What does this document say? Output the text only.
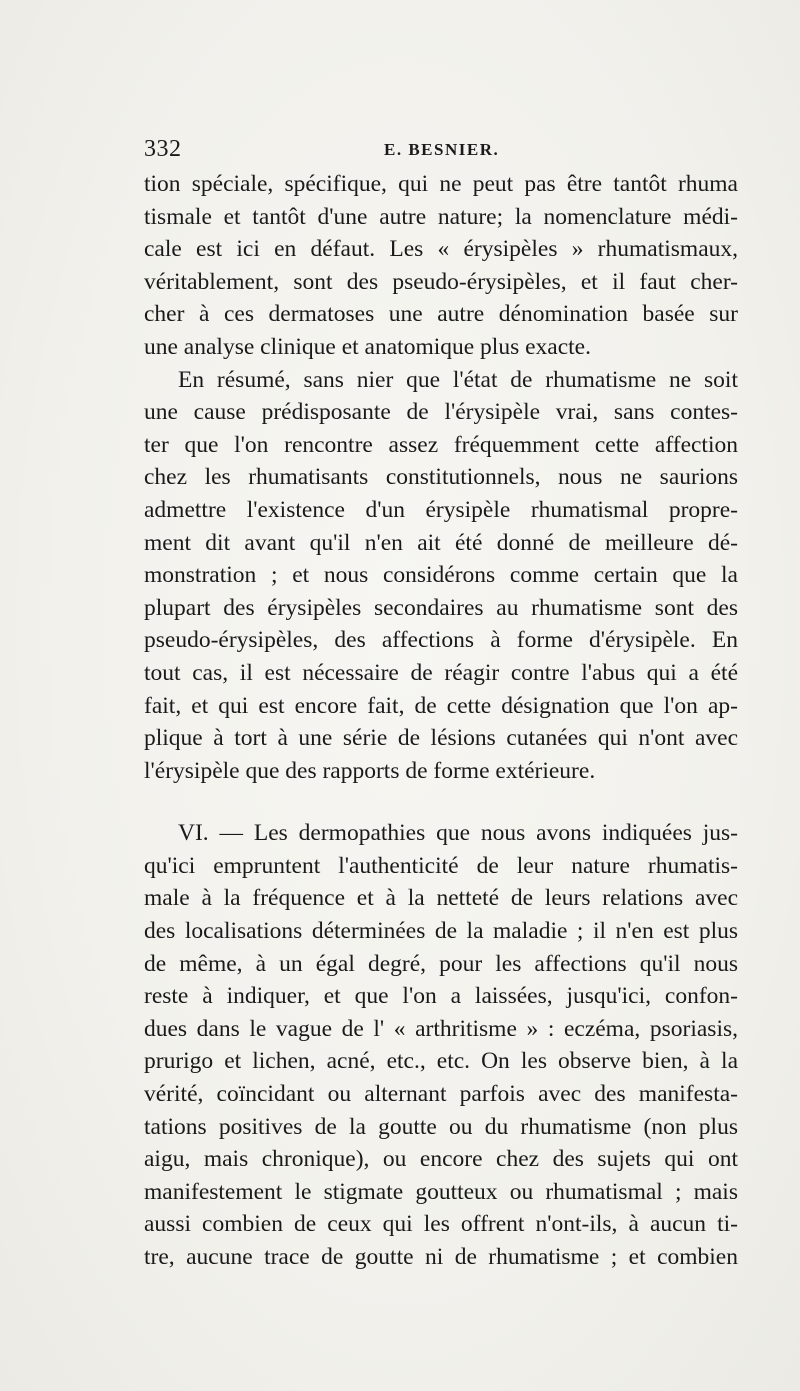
332	E. BESNIER.
tion spéciale, spécifique, qui ne peut pas être tantôt rhuma
tismale et tantôt d'une autre nature; la nomenclature médi-
cale est ici en défaut. Les « érysipèles » rhumatismaux,
véritablement, sont des pseudo-érysipèles, et il faut cher-
cher à ces dermatoses une autre dénomination basée sur
une analyse clinique et anatomique plus exacte.
En résumé, sans nier que l'état de rhumatisme ne soit
une cause prédisposante de l'érysipèle vrai, sans contes-
ter que l'on rencontre assez fréquemment cette affection
chez les rhumatisants constitutionnels, nous ne saurions
admettre l'existence d'un érysipèle rhumatismal propre-
ment dit avant qu'il n'en ait été donné de meilleure dé-
monstration ; et nous considérons comme certain que la
plupart des érysipèles secondaires au rhumatisme sont des
pseudo-érysipèles, des affections à forme d'érysipèle. En
tout cas, il est nécessaire de réagir contre l'abus qui a été
fait, et qui est encore fait, de cette désignation que l'on ap-
plique à tort à une série de lésions cutanées qui n'ont avec
l'érysipèle que des rapports de forme extérieure.
VI. — Les dermopathies que nous avons indiquées jus-
qu'ici empruntent l'authenticité de leur nature rhumatis-
male à la fréquence et à la netteté de leurs relations avec
des localisations déterminées de la maladie ; il n'en est plus
de même, à un égal degré, pour les affections qu'il nous
reste à indiquer, et que l'on a laissées, jusqu'ici, confon-
dues dans le vague de l' « arthritisme » : eczéma, psoriasis,
prurigo et lichen, acné, etc., etc. On les observe bien, à la
vérité, coïncidant ou alternant parfois avec des manifesta-
tations positives de la goutte ou du rhumatisme (non plus
aigu, mais chronique), ou encore chez des sujets qui ont
manifestement le stigmate goutteux ou rhumatismal ; mais
aussi combien de ceux qui les offrent n'ont-ils, à aucun ti-
tre, aucune trace de goutte ni de rhumatisme ; et combien
